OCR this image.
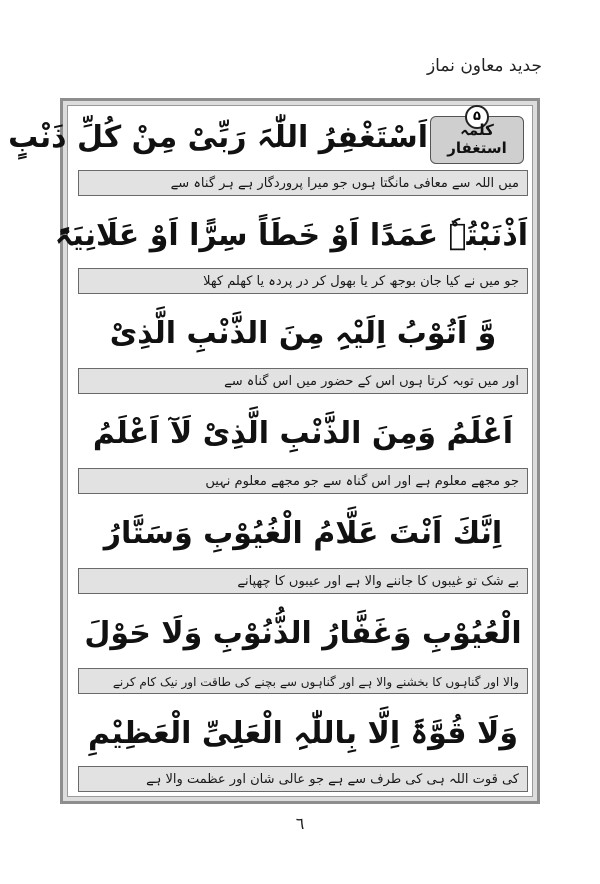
جدید معاون نماز
۵
کلمہ استغفار
اَسْتَغْفِرُ اللّٰہَ رَبِّیْ مِنْ کُلِّ ذَنْبٍ
میں اللہ سے معافی مانگتا ہوں جو میرا پروردگار ہے ہر گناہ سے
اَذْنَبْتُہٗ عَمَدًا اَوْ خَطَاً سِرًّا اَوْ عَلَانِیَۃً
جو میں نے کیا جان بوجھ کر یا بھول کر در پردہ یا کھلم کھلا
وَّ اَتُوْبُ اِلَیْہِ مِنَ الذَّنْبِ الَّذِیْ
اور میں توبہ کرتا ہوں اس کے حضور میں اس گناہ سے
اَعْلَمُ وَمِنَ الذَّنْبِ الَّذِیْ لَآ اَعْلَمُ
جو مجھے معلوم ہے اور اس گناہ سے جو مجھے معلوم نہیں
اِنَّكَ اَنْتَ عَلَّامُ الْغُیُوْبِ وَسَتَّارُ
بے شک تو غیبوں کا جاننے والا ہے اور عیبوں کا چھپانے
الْعُیُوْبِ وَغَفَّارُ الذُّنُوْبِ وَلَا حَوْلَ
والا اور گناہوں کا بخشنے والا ہے اور گناہوں سے بچنے کی طاقت اور نیک کام کرنے
وَلَا قُوَّۃَ اِلَّا بِاللّٰہِ الْعَلِیِّ الْعَظِیْمِ
کی قوت اللہ ہی کی طرف سے ہے جو عالی شان اور عظمت والا ہے
٦
